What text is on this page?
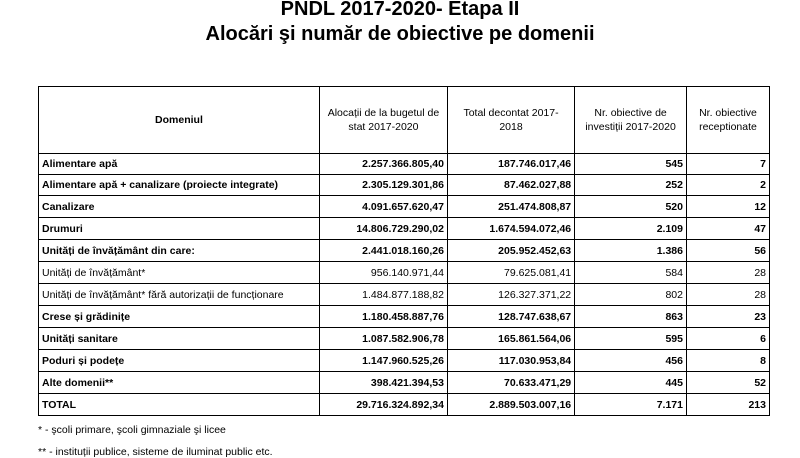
PNDL 2017-2020- Etapa II
Alocări şi număr de obiective pe domenii
Domeniul	Alocații de la bugetul de stat 2017-2020	Total decontat 2017-2018	Nr. obiective de investiții 2017-2020	Nr. obiective receptionate
Alimentare apă	2.257.366.805,40	187.746.017,46	545	7
Alimentare apă + canalizare (proiecte integrate)	2.305.129.301,86	87.462.027,88	252	2
Canalizare	4.091.657.620,47	251.474.808,87	520	12
Drumuri	14.806.729.290,02	1.674.594.072,46	2.109	47
Unități de învățământ din care:	2.441.018.160,26	205.952.452,63	1.386	56
Unități de învățământ*	956.140.971,44	79.625.081,41	584	28
Unități de învățământ* fără autorizații de funcționare	1.484.877.188,82	126.327.371,22	802	28
Crese și grădinițe	1.180.458.887,76	128.747.638,67	863	23
Unități sanitare	1.087.582.906,78	165.861.564,06	595	6
Poduri și podețe	1.147.960.525,26	117.030.953,84	456	8
Alte domenii**	398.421.394,53	70.633.471,29	445	52
TOTAL	29.716.324.892,34	2.889.503.007,16	7.171	213
* - şcoli primare, şcoli gimnaziale şi licee
** - instituții publice, sisteme de iluminat public etc.
